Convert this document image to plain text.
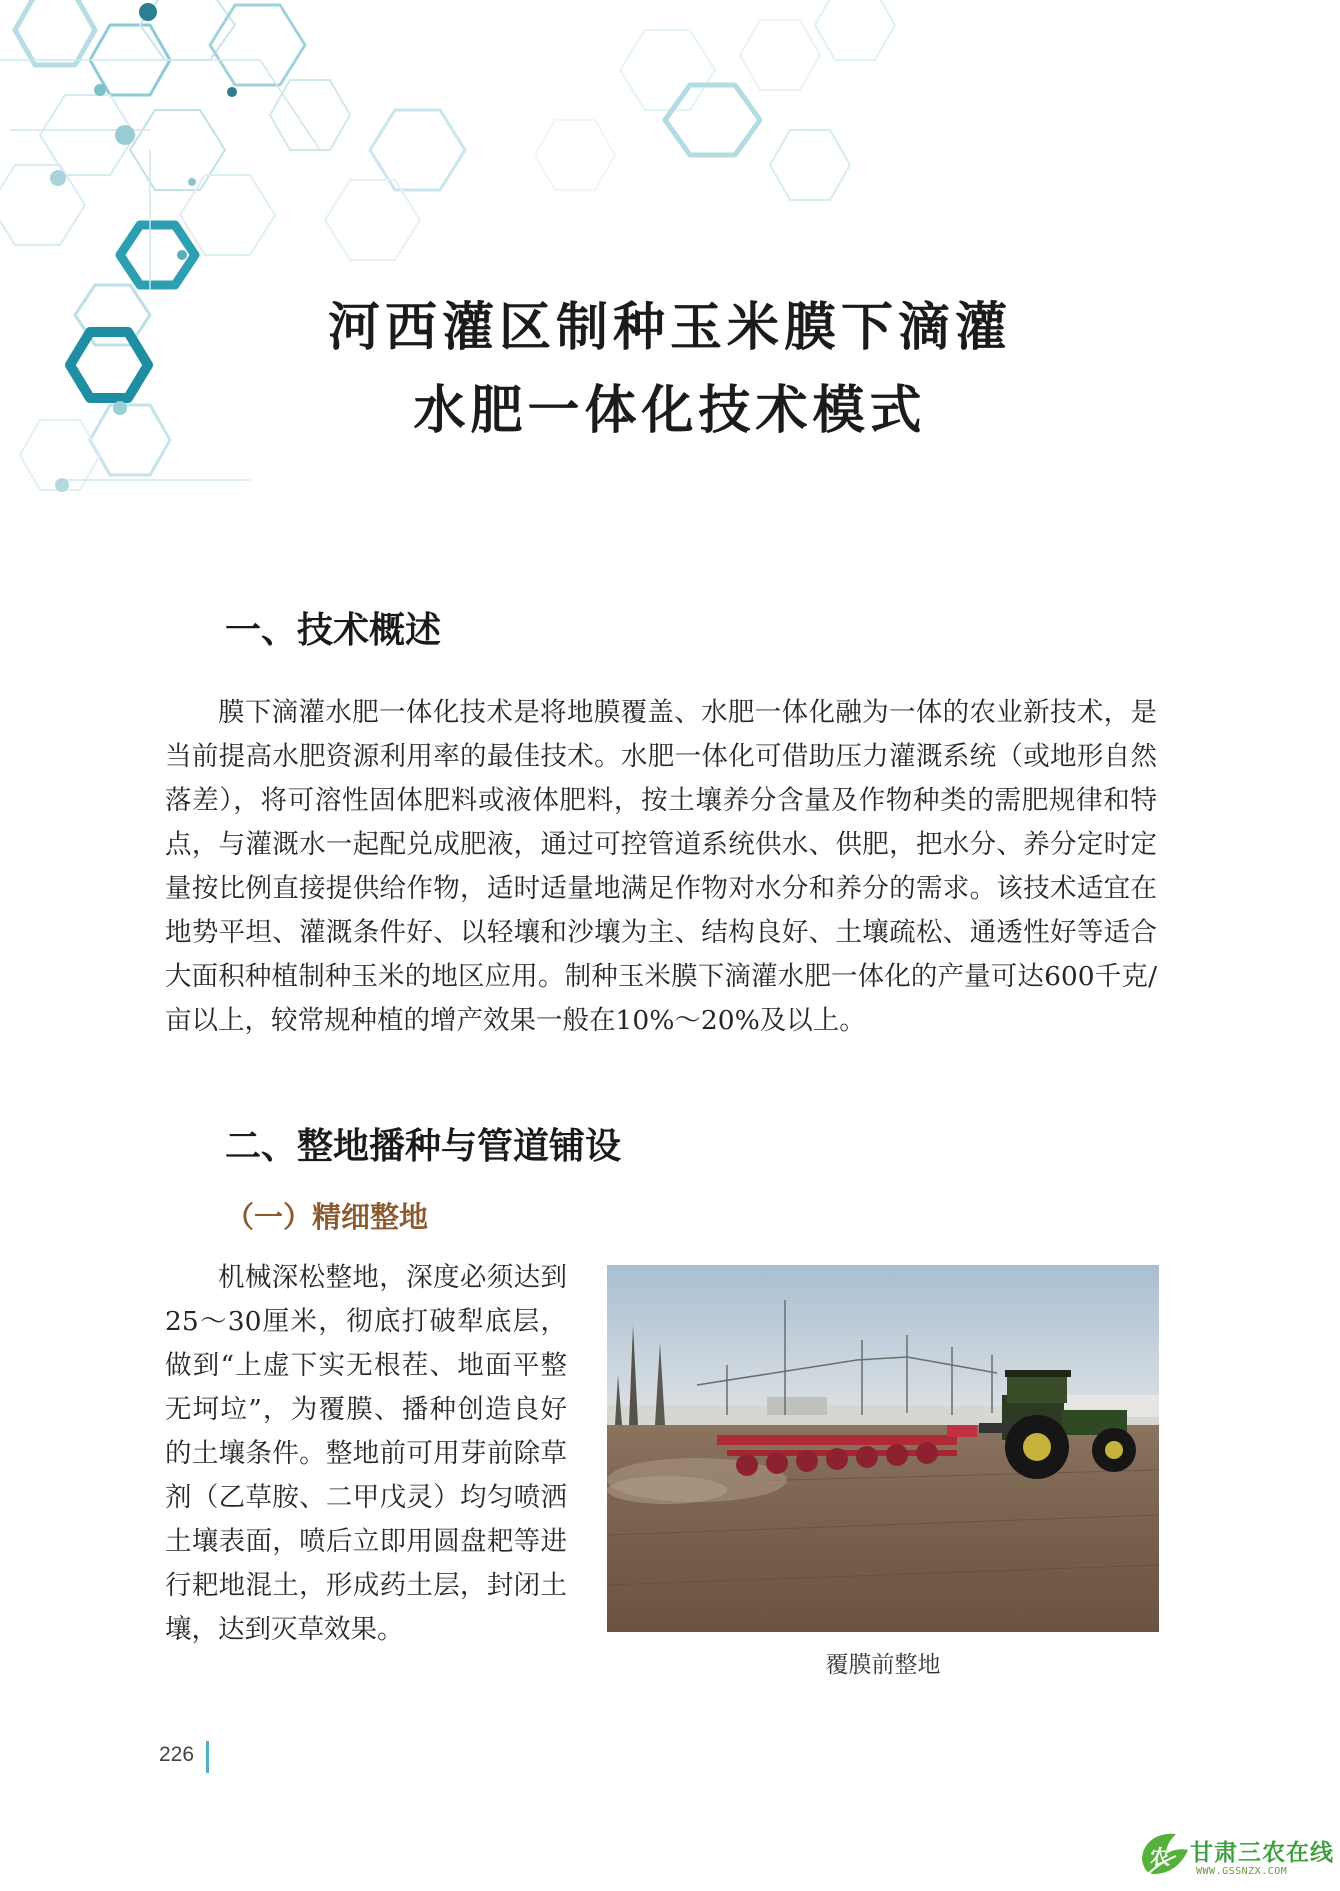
河西灌区制种玉米膜下滴灌
水肥一体化技术模式
一、技术概述

膜下滴灌水肥一体化技术是将地膜覆盖、水肥一体化融为一体的农业新技术，是当前提高水肥资源利用率的最佳技术。水肥一体化可借助压力灌溉系统（或地形自然落差），将可溶性固体肥料或液体肥料，按土壤养分含量及作物种类的需肥规律和特点，与灌溉水一起配兑成肥液，通过可控管道系统供水、供肥，把水分、养分定时定量按比例直接提供给作物，适时适量地满足作物对水分和养分的需求。该技术适宜在地势平坦、灌溉条件好、以轻壤和沙壤为主、结构良好、土壤疏松、通透性好等适合大面积种植制种玉米的地区应用。制种玉米膜下滴灌水肥一体化的产量可达600千克/亩以上，较常规种植的增产效果一般在10%～20%及以上。

二、整地播种与管道铺设
（一）精细整地

机械深松整地，深度必须达到25～30厘米，彻底打破犁底层，做到“上虚下实无根茬、地面平整无坷垃”，为覆膜、播种创造良好的土壤条件。整地前可用芽前除草剂（乙草胺、二甲戊灵）均匀喷洒土壤表面，喷后立即用圆盘耙等进行耙地混土，形成药土层，封闭土壤，达到灭草效果。

覆膜前整地
226
农 甘肃三农在线
WWW.GSSNZX.COM
